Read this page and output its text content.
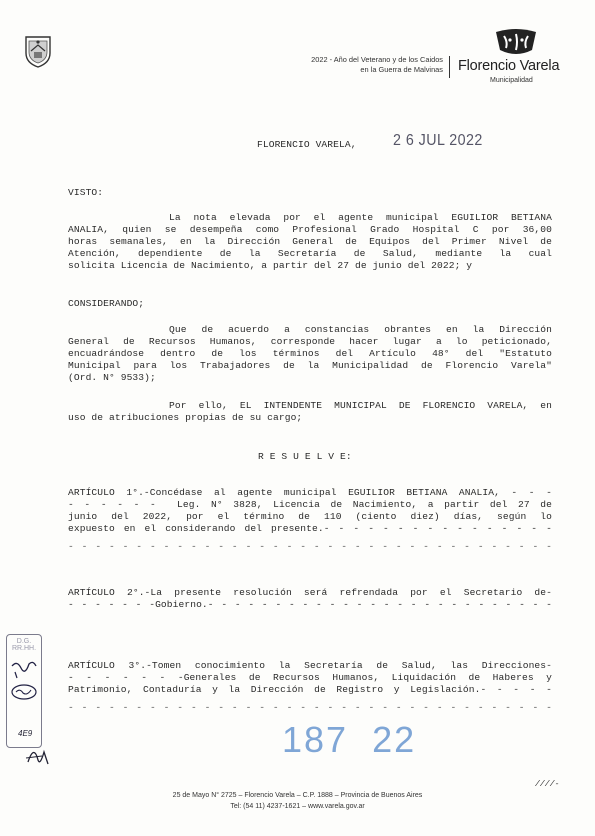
2022 - Año del Veterano y de los Caidos
en la Guerra de Malvinas Florencio Varela
Municipalidad
FLORENCIO VARELA, 2 6 JUL 2022
VISTO:
La nota elevada por el agente municipal EGUILIOR BETIANA
ANALIA, quien se desempeña como Profesional Grado Hospital C por 36,00
horas semanales, en la Dirección General de Equipos del Primer Nivel de
Atención, dependiente de la Secretaría de Salud, mediante la cual
solicita Licencia de Nacimiento, a partir del 27 de junio del 2022; y
CONSIDERANDO;
Que de acuerdo a constancias obrantes en la Dirección
General de Recursos Humanos, corresponde hacer lugar a lo peticionado,
encuadrándose dentro de los términos del Artículo 48° del "Estatuto
Municipal para los Trabajadores de la Municipalidad de Florencio Varela"
(Ord. N° 9533);
Por ello, EL INTENDENTE MUNICIPAL DE FLORENCIO VARELA, en
uso de atribuciones propias de su cargo;
R E S U E L V E:
ARTÍCULO 1°.-Concédase al agente municipal EGUILIOR BETIANA ANALIA, - - -
- - - - - -  Leg. N° 3828, Licencia de Nacimiento, a partir del 27 de
junio del 2022, por el término de 110 (ciento diez) días, según lo
expuesto en el considerando del presente.- - - - - - - - - - - - - - - -
- - - - - - - - - - - - - - - - - - - - - - - - - - - - - - - - - - - -
ARTÍCULO 2°.-La presente resolución será refrendada por el Secretario de-
- - - - - - -Gobierno.- - - - - - - - - - - - - - - - - - - - - - - - - -
ARTÍCULO 3°.-Tomen conocimiento la Secretaría de Salud, las Direcciones-
- - - - - - -Generales de Recursos Humanos, Liquidación de Haberes y
Patrimonio, Contaduría y la Dirección de Registro y Legislación.- - - - -
- - - - - - - - - - - - - - - - - - - - - - - - - - - - - - - - - - - -
187  22
D.G.
RR.HH.
4E9
////-
25 de Mayo N° 2725 – Florencio Varela – C.P. 1888 – Provincia de Buenos Aires
Tel: (54 11) 4237-1621 – www.varela.gov.ar
